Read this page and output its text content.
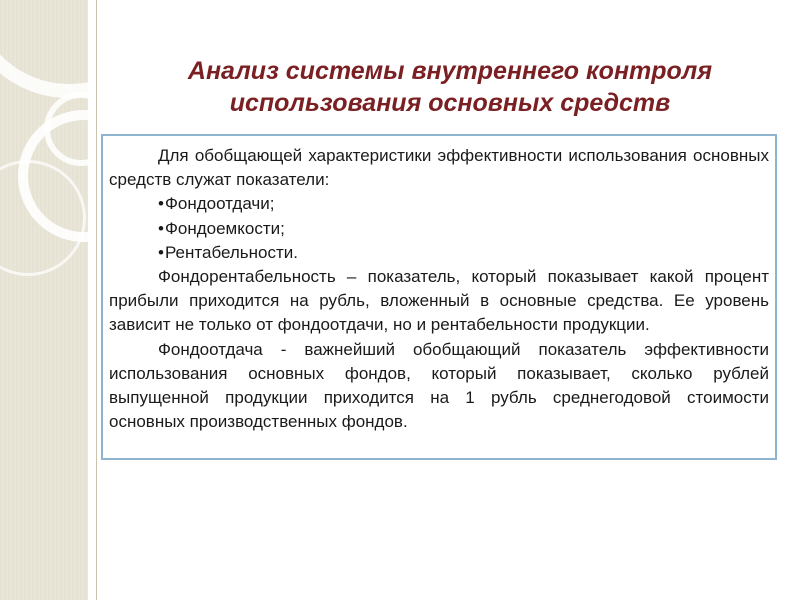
Анализ системы внутреннего контроля
использования основных средств

Для обобщающей характеристики эффективности использования основных средств служат показатели:

•Фондоотдачи;

•Фондоемкости;

•Рентабельности.

Фондорентабельность – показатель, который показывает какой процент прибыли приходится на рубль, вложенный в основные средства. Ее уровень зависит не только от фондоотдачи, но и рентабельности продукции.

Фондоотдача - важнейший обобщающий показатель эффективности использования основных фондов, который показывает, сколько рублей выпущенной продукции приходится на 1 рубль среднегодовой стоимости основных производственных фондов.
